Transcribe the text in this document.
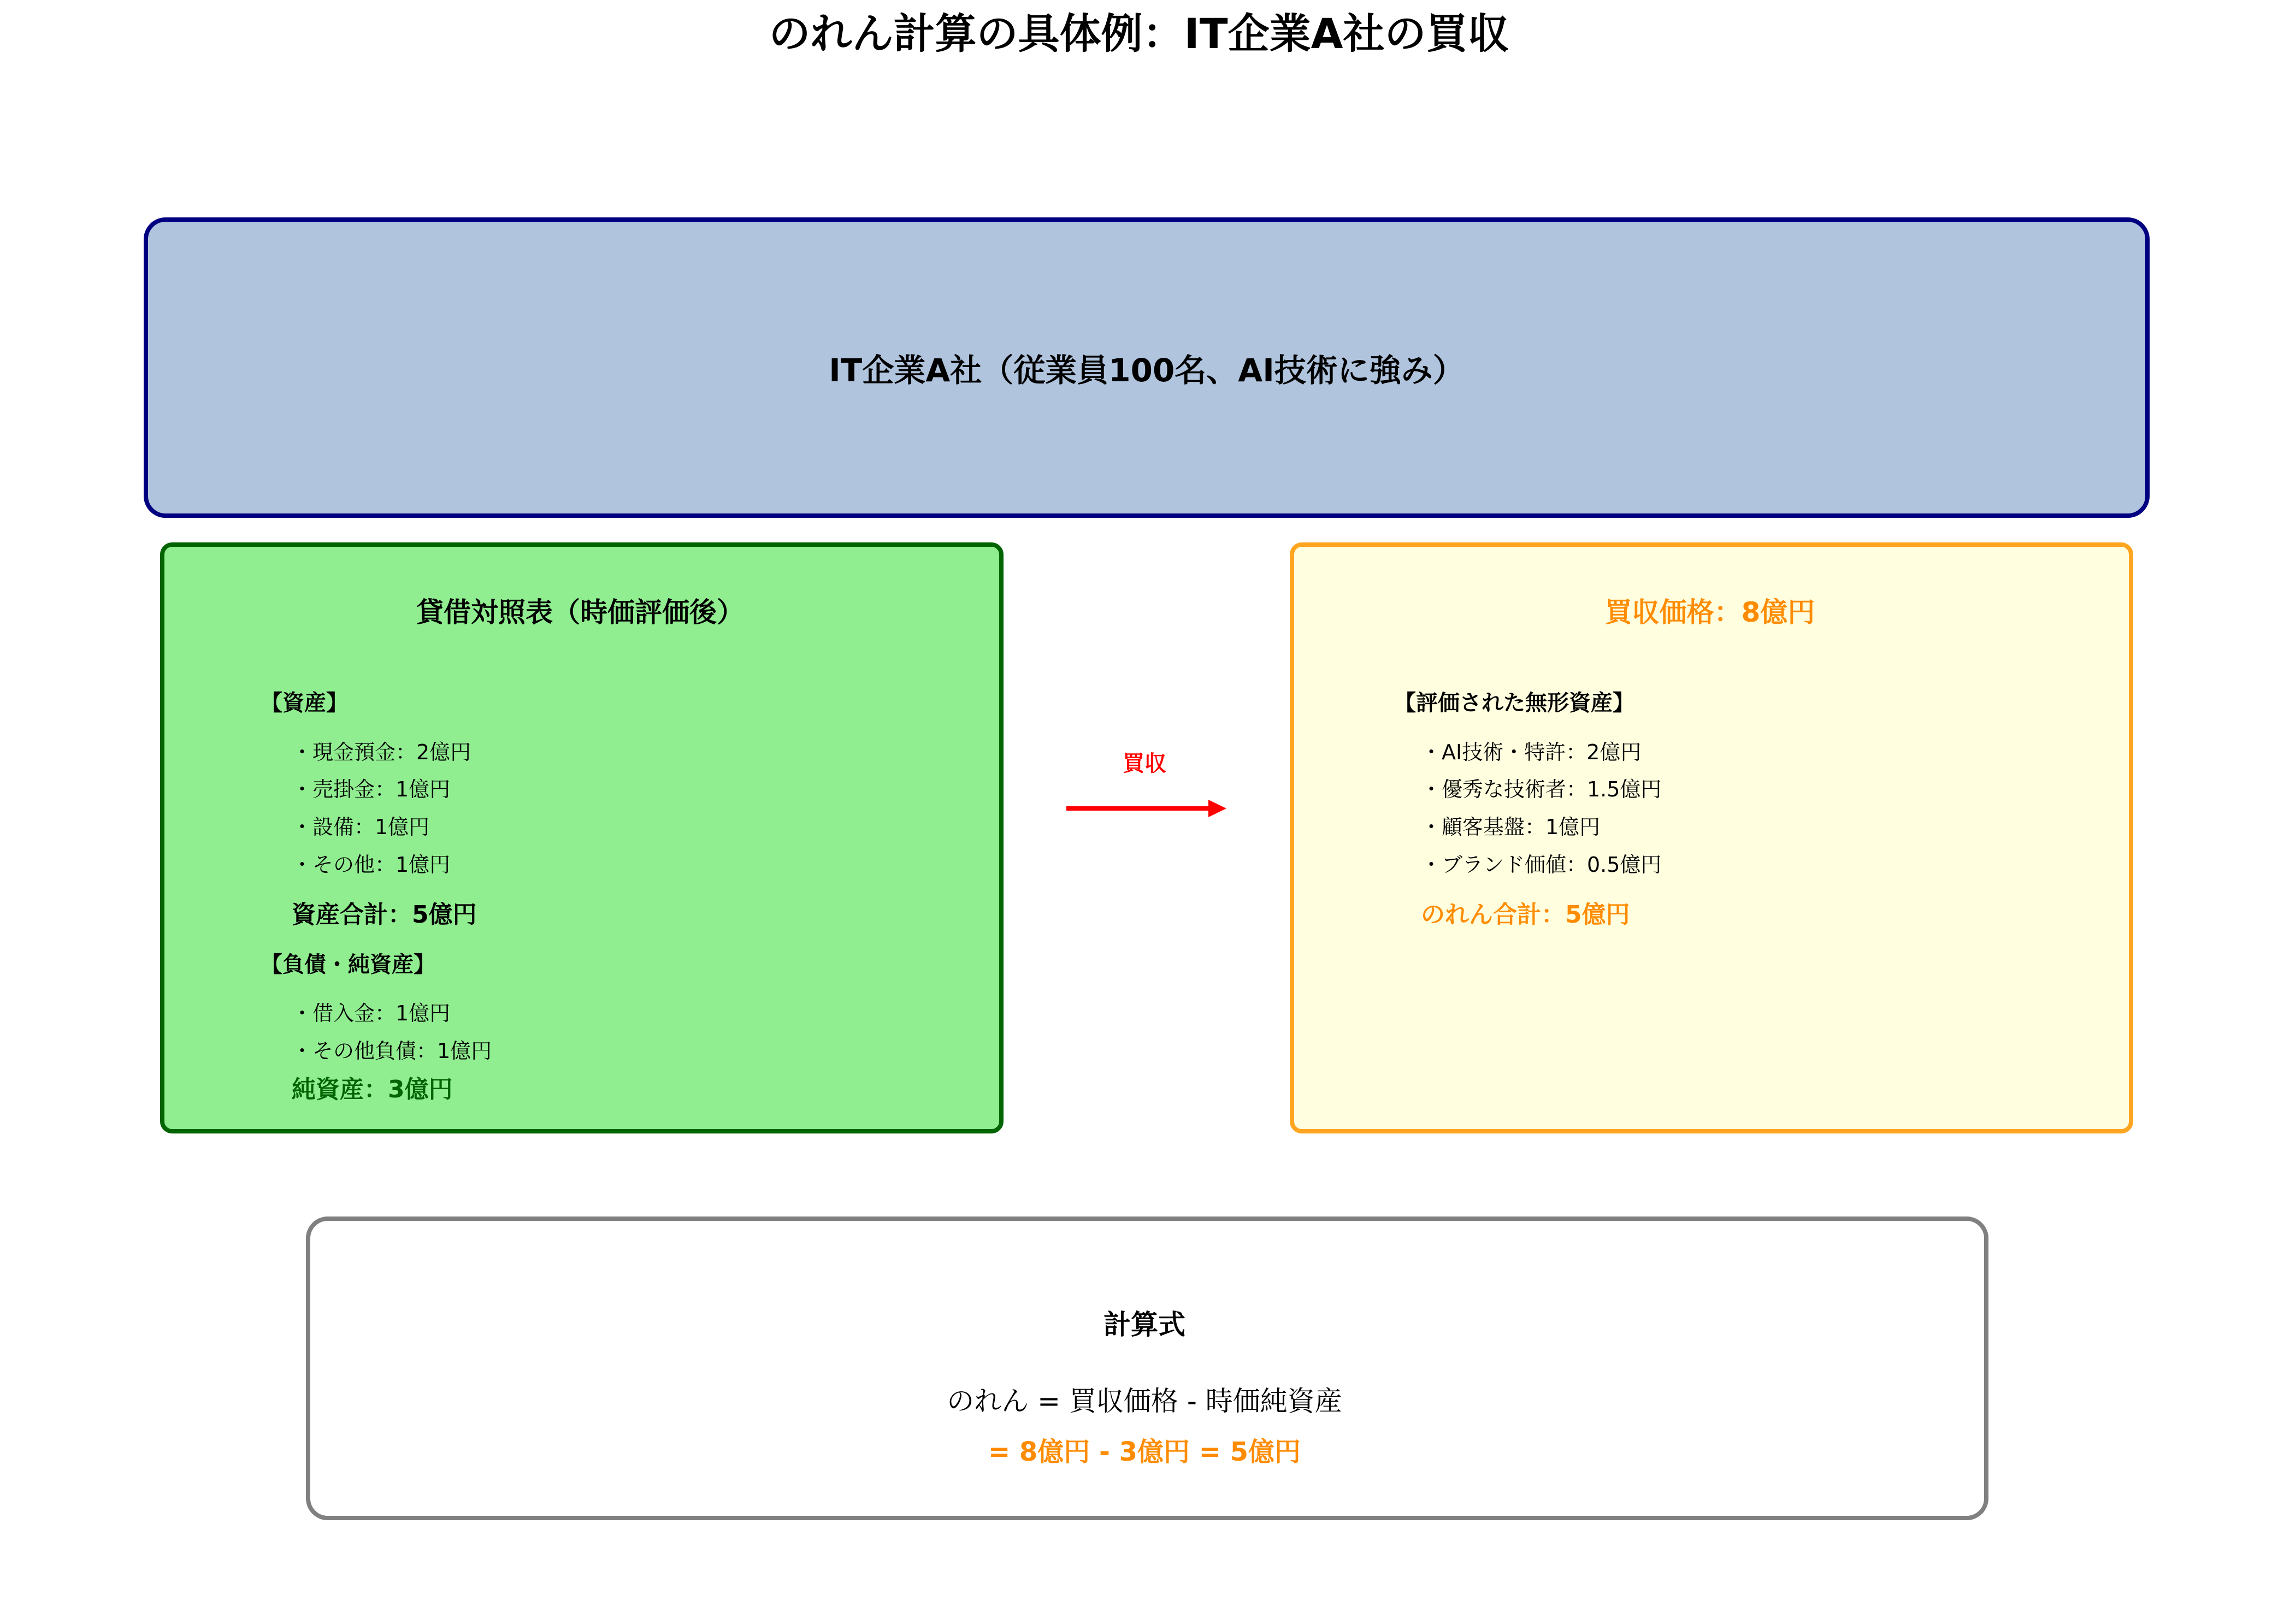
のれん計算の具体例：IT企業A社の買収
IT企業A社（従業員100名、AI技術に強み）
貸借対照表（時価評価後）
【資産】
・現金預金：2億円
・売掛金：1億円
・設備：1億円
・その他：1億円
資産合計：5億円
【負債・純資産】
・借入金：1億円
・その他負債：1億円
純資産：3億円
買収
買収価格：8億円
【評価された無形資産】
・AI技術・特許：2億円
・優秀な技術者：1.5億円
・顧客基盤：1億円
・ブランド価値：0.5億円
のれん合計：5億円
計算式
のれん = 買収価格 - 時価純資産
= 8億円 - 3億円 = 5億円
